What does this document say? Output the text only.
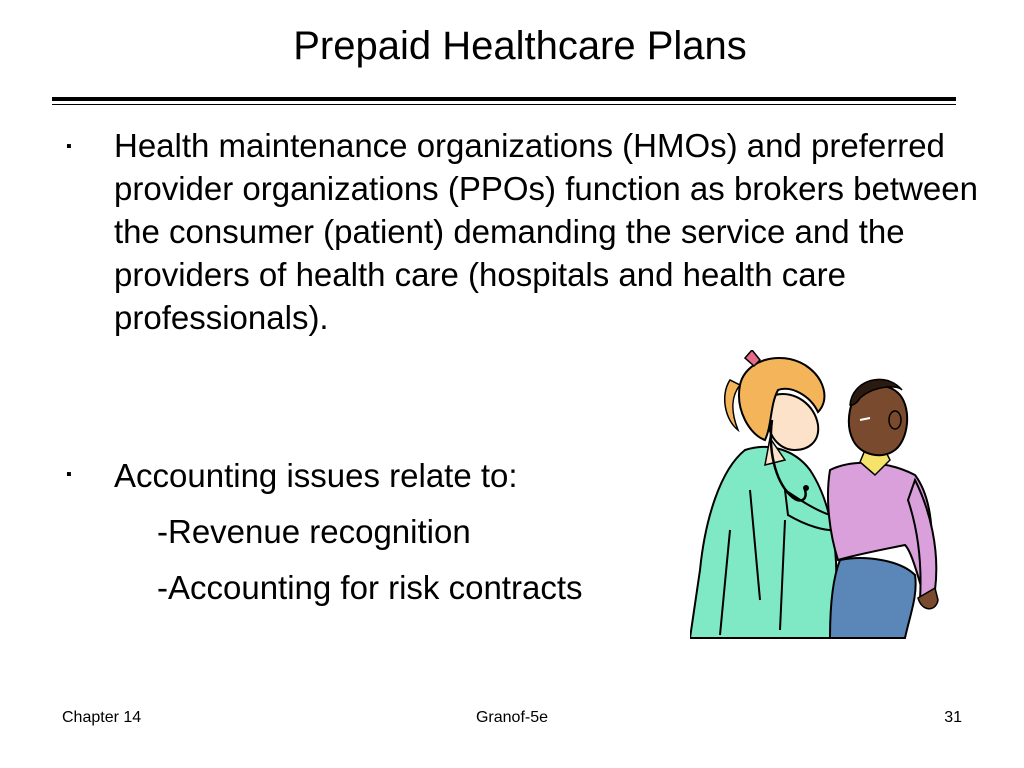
Prepaid Healthcare Plans
▪ Health maintenance organizations (HMOs) and preferred provider organizations (PPOs) function as brokers between the consumer (patient) demanding the service and the providers of health care (hospitals and health care professionals).

▪ Accounting issues relate to:

-Revenue recognition
-Accounting for risk contracts
Chapter 14	Granof-5e	31
